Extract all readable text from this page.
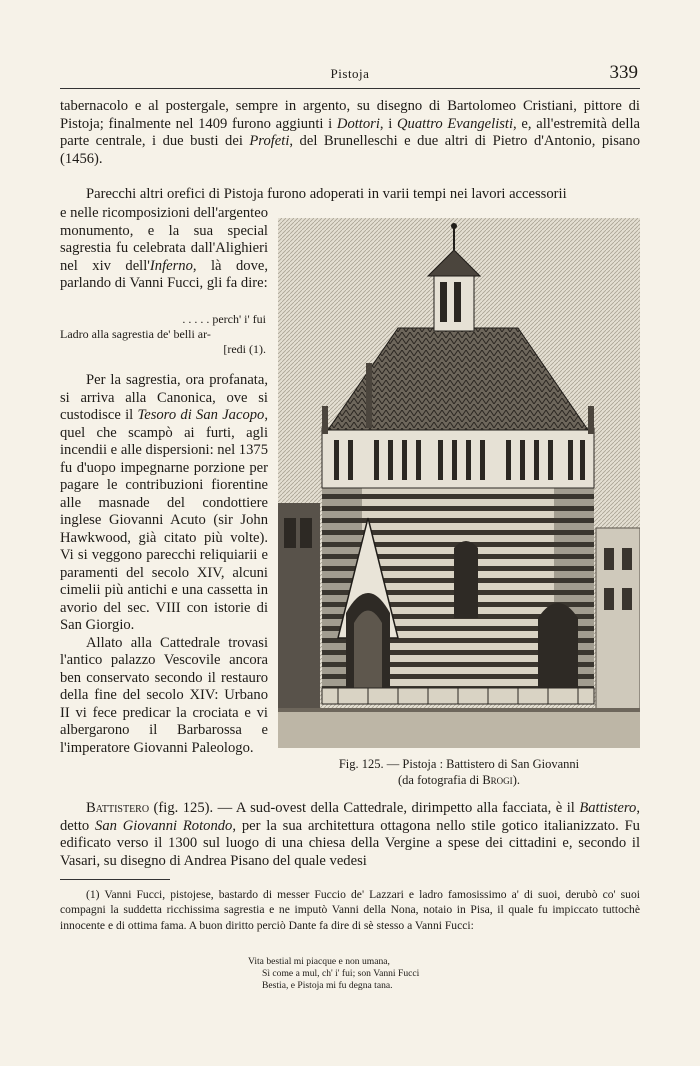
Pistoja	339
tabernacolo e al postergale, sempre in argento, su disegno di Bartolomeo Cristiani, pittore di Pistoja; finalmente nel 1409 furono aggiunti i Dottori, i Quattro Evangelisti, e, all'estremità della parte centrale, i due busti dei Profeti, del Brunelleschi e due altri di Pietro d'Antonio, pisano (1456).
Parecchi altri orefici di Pistoja furono adoperati in varii tempi nei lavori accessorii
e nelle ricomposizioni dell'argenteo monumento, e la sua special sagrestia fu celebrata dall'Alighieri nel xiv dell'Inferno, là dove, parlando di Vanni Fucci, gli fa dire:
. . . . . perch' i' fui
Ladro alla sagrestia de' belli ar-
[redi (1).

Per la sagrestia, ora profanata, si arriva alla Canonica, ove si custodisce il Tesoro di San Jacopo, quel che scampò ai furti, agli incendii e alle dispersioni: nel 1375 fu d'uopo impegnarne porzione per pagare le contribuzioni fiorentine alle masnade del condottiere inglese Giovanni Acuto (sir John Hawkwood, già citato più volte). Vi si veggono parecchi reliquiarii e paramenti del secolo XIV, alcuni cimelii più antichi e una cassetta in avorio del sec. VIII con istorie di San Giorgio.

Allato alla Cattedrale trovasi l'antico palazzo Vescovile ancora ben conservato secondo il restauro della fine del secolo XIV: Urbano II vi fece predicar la crociata e vi albergarono il Barbarossa e l'imperatore Giovanni Paleologo.

Fig. 125. — Pistoja : Battistero di San Giovanni
(da fotografia di Brogi).

Battistero (fig. 125). — A sud-ovest della Cattedrale, dirimpetto alla facciata, è il Battistero, detto San Giovanni Rotondo, per la sua architettura ottagona nello stile gotico italianizzato. Fu edificato verso il 1300 sul luogo di una chiesa della Vergine a spese dei cittadini e, secondo il Vasari, su disegno di Andrea Pisano del quale vedesi

(1) Vanni Fucci, pistojese, bastardo di messer Fuccio de' Lazzari e ladro famosissimo a' di suoi, derubò co' suoi compagni la suddetta ricchissima sagrestia e ne imputò Vanni della Nona, notaio in Pisa, il quale fu impiccato tuttochè innocente e di ottima fama. A buon diritto perciò Dante fa dire di sè stesso a Vanni Fucci:

Vita bestial mi piacque e non umana,
Sì come a mul, ch' i' fui; son Vanni Fucci
Bestia, e Pistoja mi fu degna tana.
